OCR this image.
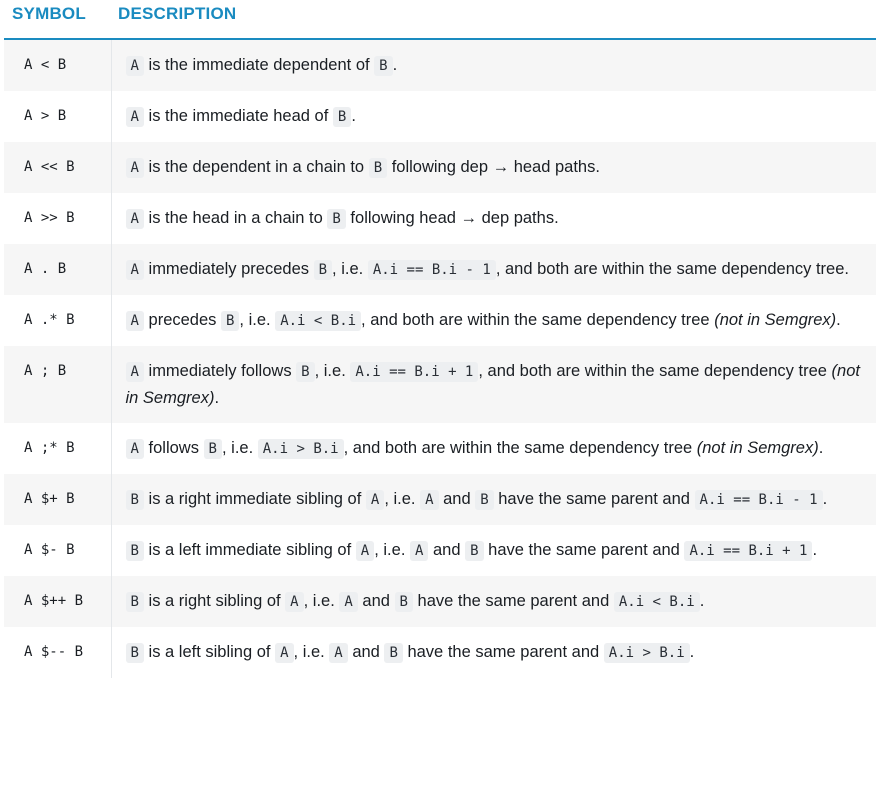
SYMBOL	DESCRIPTION
A < B	A is the immediate dependent of B .
A > B	A is the immediate head of B .
A << B	A is the dependent in a chain to B following dep → head paths.
A >> B	A is the head in a chain to B following head → dep paths.
A . B	A immediately precedes B , i.e. A.i == B.i - 1 , and both are within the same dependency tree.
A .* B	A precedes B , i.e. A.i < B.i , and both are within the same dependency tree (not in Semgrex).
A ; B	A immediately follows B , i.e. A.i == B.i + 1 , and both are within the same dependency tree (not in Semgrex).
A ;* B	A follows B , i.e. A.i > B.i , and both are within the same dependency tree (not in Semgrex).
A $+ B	B is a right immediate sibling of A , i.e. A and B have the same parent and A.i == B.i - 1 .
A $- B	B is a left immediate sibling of A , i.e. A and B have the same parent and A.i == B.i + 1 .
A $++ B	B is a right sibling of A , i.e. A and B have the same parent and A.i < B.i .
A $-- B	B is a left sibling of A , i.e. A and B have the same parent and A.i > B.i .
